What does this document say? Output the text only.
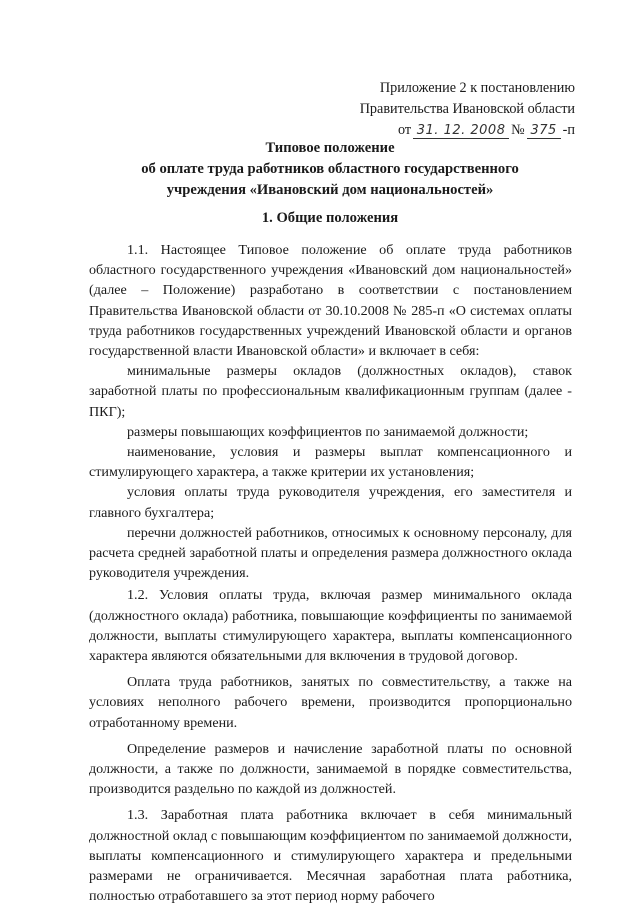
Приложение 2 к постановлению
Правительства Ивановской области
от 31. 12. 2008 № 375 -п
Типовое положение
об оплате труда работников областного государственного
учреждения «Ивановский дом национальностей»
1. Общие положения

1.1. Настоящее Типовое положение об оплате труда работников областного государственного учреждения «Ивановский дом национальностей» (далее – Положение) разработано в соответствии с постановлением Правительства Ивановской области от 30.10.2008 № 285-п «О системах оплаты труда работников государственных учреждений Ивановской области и органов государственной власти Ивановской области» и включает в себя:

минимальные размеры окладов (должностных окладов), ставок заработной платы по профессиональным квалификационным группам (далее - ПКГ);

размеры повышающих коэффициентов по занимаемой должности;

наименование, условия и размеры выплат компенсационного и стимулирующего характера, а также критерии их установления;

условия оплаты труда руководителя учреждения, его заместителя и главного бухгалтера;

перечни должностей работников, относимых к основному персоналу, для расчета средней заработной платы и определения размера должностного оклада руководителя учреждения.

1.2. Условия оплаты труда, включая размер минимального оклада (должностного оклада) работника, повышающие коэффициенты по занимаемой должности, выплаты стимулирующего характера, выплаты компенсационного характера являются обязательными для включения в трудовой договор.

Оплата труда работников, занятых по совместительству, а также на условиях неполного рабочего времени, производится пропорционально отработанному времени.

Определение размеров и начисление заработной платы по основной должности, а также по должности, занимаемой в порядке совместительства, производится раздельно по каждой из должностей.

1.3. Заработная плата работника включает в себя минимальный должностной оклад с повышающим коэффициентом по занимаемой должности, выплаты компенсационного и стимулирующего характера и предельными размерами не ограничивается. Месячная заработная плата работника, полностью отработавшего за этот период норму рабочего
